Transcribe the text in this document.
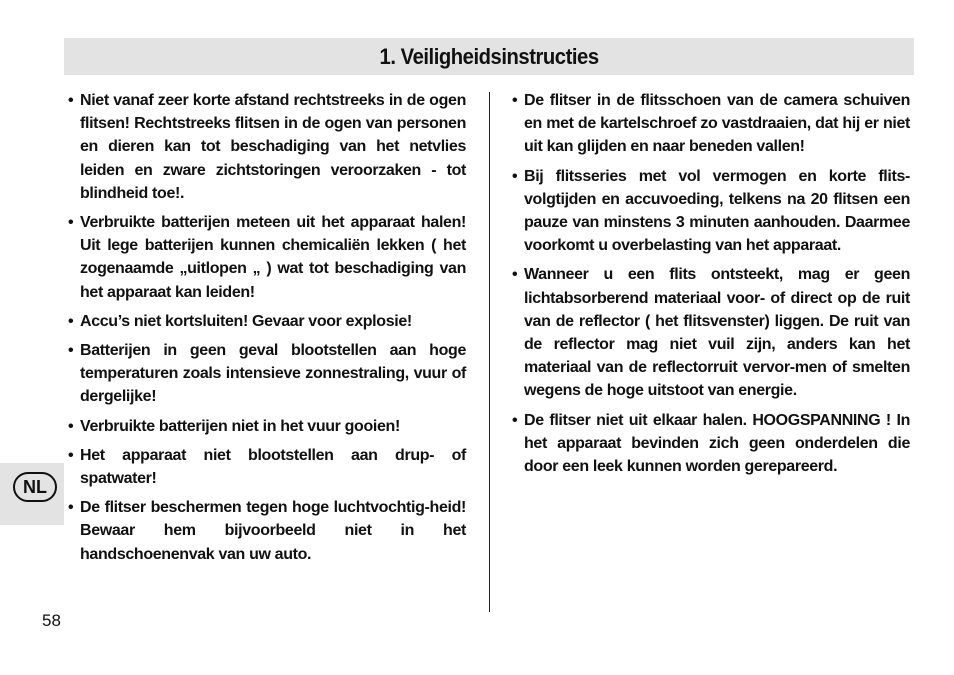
1. Veiligheidsinstructies
• Niet vanaf zeer korte afstand rechtstreeks in de ogen flitsen! Rechtstreeks flitsen in de ogen van personen en dieren kan tot beschadiging van het netvlies leiden en zware zichtstoringen veroorzaken - tot blindheid toe!.
• Verbruikte batterijen meteen uit het apparaat halen! Uit lege batterijen kunnen chemicaliën lekken ( het zogenaamde „uitlopen „ ) wat tot beschadiging van het apparaat kan leiden!
• Accu’s niet kortsluiten! Gevaar voor explosie!
• Batterijen in geen geval blootstellen aan hoge temperaturen zoals intensieve zonnestraling, vuur of dergelijke!
• Verbruikte batterijen niet in het vuur gooien!
• Het apparaat niet blootstellen aan drup- of spatwater!
• De flitser beschermen tegen hoge luchtvochtig-heid! Bewaar hem bijvoorbeeld niet in het handschoenenvak van uw auto.
• De flitser in de flitsschoen van de camera schuiven en met de kartelschroef zo vastdraaien, dat hij er niet uit kan glijden en naar beneden vallen!
• Bij flitsseries met vol vermogen en korte flits-volgtijden en accuvoeding, telkens na 20 flitsen een pauze van minstens 3 minuten aanhouden. Daarmee voorkomt u overbelasting van het apparaat.
• Wanneer u een flits ontsteekt, mag er geen lichtabsorberend materiaal voor- of direct op de ruit van de reflector ( het flitsvenster) liggen. De ruit van de reflector mag niet vuil zijn, anders kan het materiaal van de reflectorruit vervor-men of smelten wegens de hoge uitstoot van energie.
• De flitser niet uit elkaar halen. HOOGSPANNING ! In het apparaat bevinden zich geen onderdelen die door een leek kunnen worden gerepareerd.
NL
58
